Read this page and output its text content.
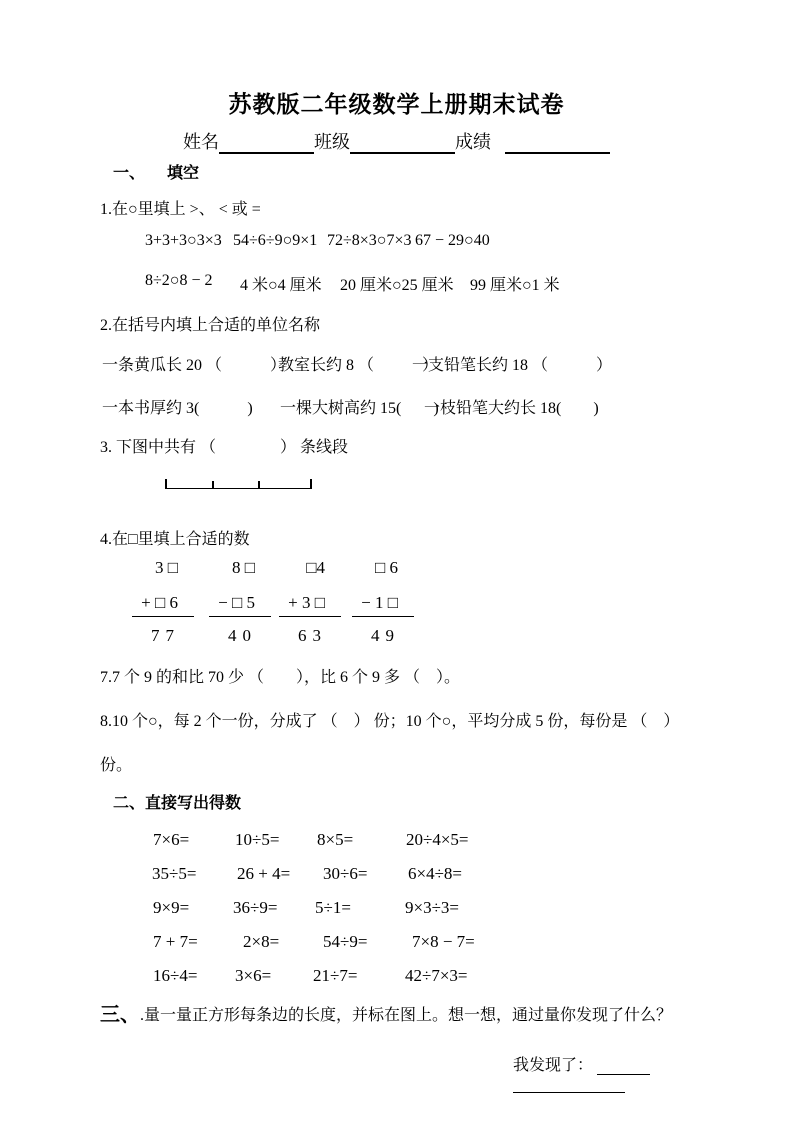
苏教版二年级数学上册期末试卷
姓名	班级	成绩
一、 填空
1.在○里填上 >、 < 或 =
3+3+3○3×3 54÷6÷9○9×1 72÷8×3○7×3 67 − 29○40
8÷2○8 − 2 4 米○4 厘米 20 厘米○25 厘米 99 厘米○1 米
2.在括号内填上合适的单位名称
一条黄瓜长 20 （　　　）
教室长约 8 （　　　）
一支铅笔长约 18 （　　　）
一本书厚约 3(　　　) 一棵大树高约 15(　　)
一枝铅笔大约长 18(　　)
3. 下图中共有 （　　　　） 条线段
4.在□里填上合适的数
3 □
+ □ 6
77
8 □
− □ 5
40
□4
+ 3 □
63
□ 6
− 1 □
49
7.7 个 9 的和比 70 少 （　　），比 6 个 9 多 （　）。
8.10 个○，每 2 个一份，分成了 （　） 份；10 个○，平均分成 5 份，每份是 （　）
份。
二、直接写出得数
7×6=	10÷5= 8×5=	20÷4×5=
35÷5= 26 + 4= 30÷6= 6×4÷8=
9×9=	36÷9= 5÷1=	9×3÷3=
7 + 7=	2×8=	54÷9=	7×8 − 7=
16÷4= 3×6= 21÷7=	42÷7×3=
三、.量一量正方形每条边的长度，并标在图上。想一想，通过量你发现了什么？
我发现了：
